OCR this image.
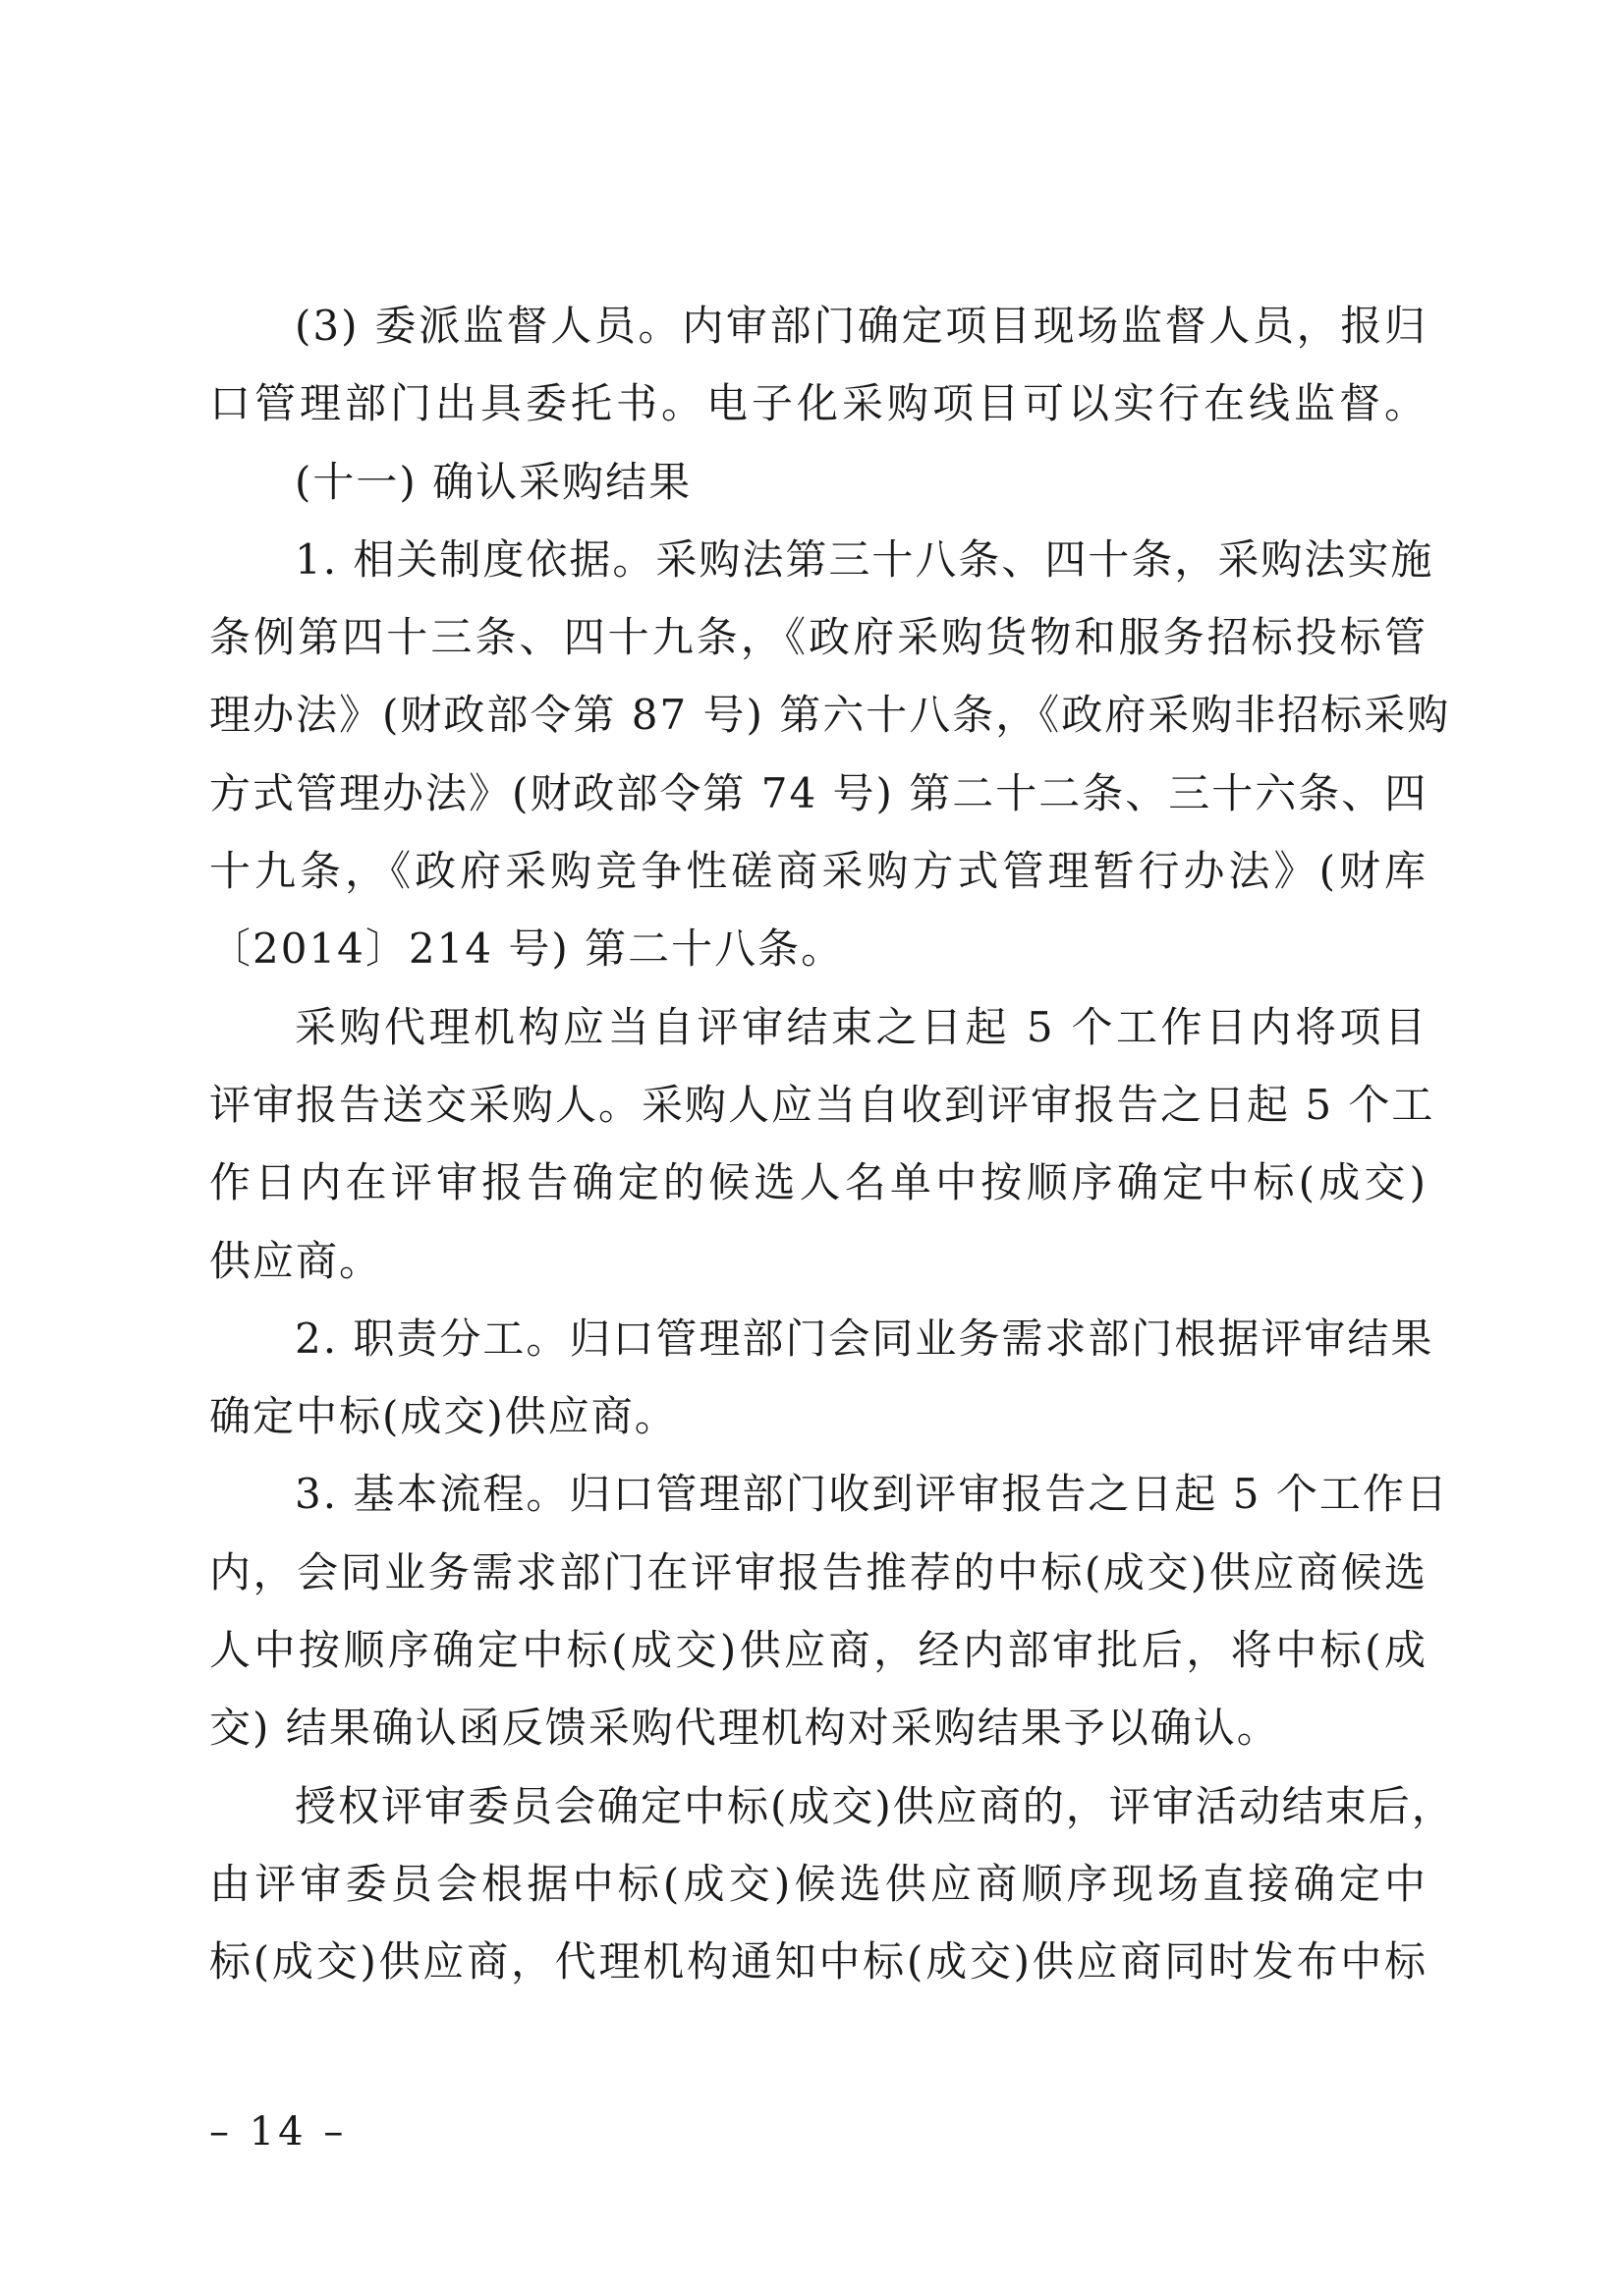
(3) 委派监督人员。内审部门确定项目现场监督人员，报归
口管理部门出具委托书。电子化采购项目可以实行在线监督。
(十一) 确认采购结果
1. 相关制度依据。采购法第三十八条、四十条，采购法实施
条例第四十三条、四十九条，《政府采购货物和服务招标投标管
理办法》(财政部令第 87 号) 第六十八条，《政府采购非招标采购
方式管理办法》(财政部令第 74 号) 第二十二条、三十六条、四
十九条，《政府采购竞争性磋商采购方式管理暂行办法》(财库
〔2014〕214 号) 第二十八条。
采购代理机构应当自评审结束之日起 5 个工作日内将项目
评审报告送交采购人。采购人应当自收到评审报告之日起 5 个工
作日内在评审报告确定的候选人名单中按顺序确定中标(成交)
供应商。
2. 职责分工。归口管理部门会同业务需求部门根据评审结果
确定中标(成交)供应商。
3. 基本流程。归口管理部门收到评审报告之日起 5 个工作日
内，会同业务需求部门在评审报告推荐的中标(成交)供应商候选
人中按顺序确定中标(成交)供应商，经内部审批后，将中标(成
交) 结果确认函反馈采购代理机构对采购结果予以确认。
授权评审委员会确定中标(成交)供应商的，评审活动结束后，
由评审委员会根据中标(成交)候选供应商顺序现场直接确定中
标(成交)供应商，代理机构通知中标(成交)供应商同时发布中标
– 14 –
